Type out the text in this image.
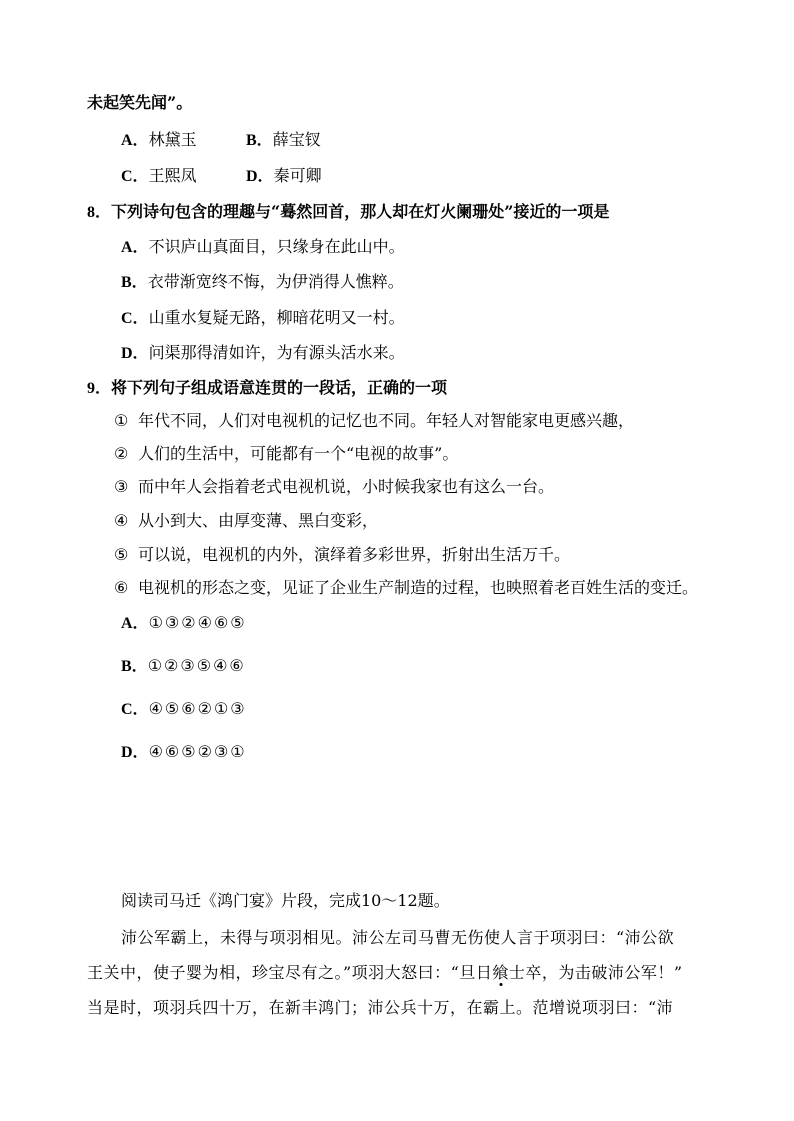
未起笑先闻”。
A．林黛玉	B．薛宝钗
C．王熙凤	D．秦可卿
8．下列诗句包含的理趣与“蓦然回首，那人却在灯火阑珊处”接近的一项是
A．不识庐山真面目，只缘身在此山中。
B．衣带渐宽终不悔，为伊消得人憔粹。
C．山重水复疑无路，柳暗花明又一村。
D．问渠那得清如许，为有源头活水来。
9．将下列句子组成语意连贯的一段话，正确的一项
① 年代不同，人们对电视机的记忆也不同。年轻人对智能家电更感兴趣，
② 人们的生活中，可能都有一个“电视的故事”。
③ 而中年人会指着老式电视机说，小时候我家也有这么一台。
④ 从小到大、由厚变薄、黑白变彩，
⑤ 可以说，电视机的内外，演绎着多彩世界，折射出生活万千。
⑥ 电视机的形态之变，见证了企业生产制造的过程，也映照着老百姓生活的变迁。
A．①③②④⑥⑤
B．①②③⑤④⑥
C．④⑤⑥②①③
D．④⑥⑤②③①
阅读司马迁《鸿门宴》片段，完成10～12题。
沛公军霸上，未得与项羽相见。沛公左司马曹无伤使人言于项羽曰：“沛公欲
王关中，使子婴为相，珍宝尽有之。”项羽大怒曰：“旦日飨士卒，为击破沛公军！”
当是时，项羽兵四十万，在新丰鸿门；沛公兵十万，在霸上。范增说项羽曰：“沛
